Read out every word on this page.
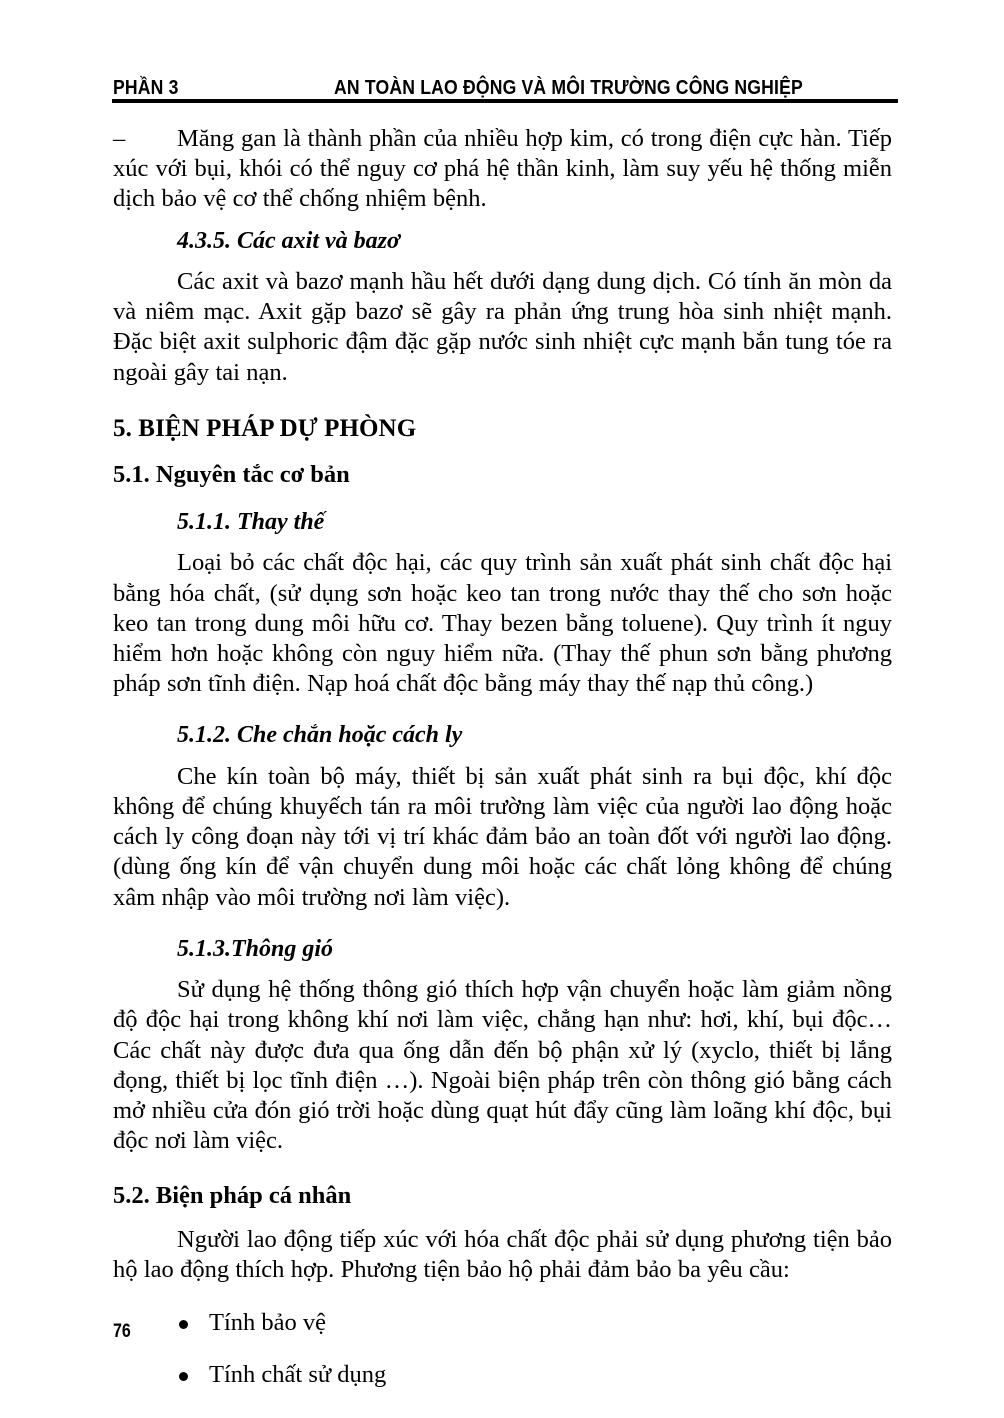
PHẦN 3	AN TOÀN LAO ĐỘNG VÀ MÔI TRƯỜNG CÔNG NGHIỆP

– Măng gan là thành phần của nhiều hợp kim, có trong điện cực hàn. Tiếp xúc với bụi, khói có thể nguy cơ phá hệ thần kinh, làm suy yếu hệ thống miễn dịch bảo vệ cơ thể chống nhiệm bệnh.

4.3.5. Các axit và bazơ

Các axit và bazơ mạnh hầu hết dưới dạng dung dịch. Có tính ăn mòn da và niêm mạc. Axit gặp bazơ sẽ gây ra phản ứng trung hòa sinh nhiệt mạnh. Đặc biệt axit sulphoric đậm đặc gặp nước sinh nhiệt cực mạnh bắn tung tóe ra ngoài gây tai nạn.

5. BIỆN PHÁP DỰ PHÒNG
5.1. Nguyên tắc cơ bản
5.1.1. Thay thế

Loại bỏ các chất độc hại, các quy trình sản xuất phát sinh chất độc hại bằng hóa chất, (sử dụng sơn hoặc keo tan trong nước thay thế cho sơn hoặc keo tan trong dung môi hữu cơ. Thay bezen bằng toluene). Quy trình ít nguy hiểm hơn hoặc không còn nguy hiểm nữa. (Thay thế phun sơn bằng phương pháp sơn tĩnh điện. Nạp hoá chất độc bằng máy thay thế nạp thủ công.)

5.1.2. Che chắn hoặc cách ly

Che kín toàn bộ máy, thiết bị sản xuất phát sinh ra bụi độc, khí độc không để chúng khuyếch tán ra môi trường làm việc của người lao động hoặc cách ly công đoạn này tới vị trí khác đảm bảo an toàn đốt với người lao động. (dùng ống kín để vận chuyển dung môi hoặc các chất lỏng không để chúng xâm nhập vào môi trường nơi làm việc).

5.1.3.Thông gió

Sử dụng hệ thống thông gió thích hợp vận chuyển hoặc làm giảm nồng độ độc hại trong không khí nơi làm việc, chẳng hạn như: hơi, khí, bụi độc… Các chất này được đưa qua ống dẫn đến bộ phận xử lý (xyclo, thiết bị lắng đọng, thiết bị lọc tĩnh điện …). Ngoài biện pháp trên còn thông gió bằng cách mở nhiều cửa đón gió trời hoặc dùng quạt hút đẩy cũng làm loãng khí độc, bụi độc nơi làm việc.

5.2. Biện pháp cá nhân

Người lao động tiếp xúc với hóa chất độc phải sử dụng phương tiện bảo hộ lao động thích hợp. Phương tiện bảo hộ phải đảm bảo ba yêu cầu:

Tính bảo vệ
Tính chất sử dụng
76
